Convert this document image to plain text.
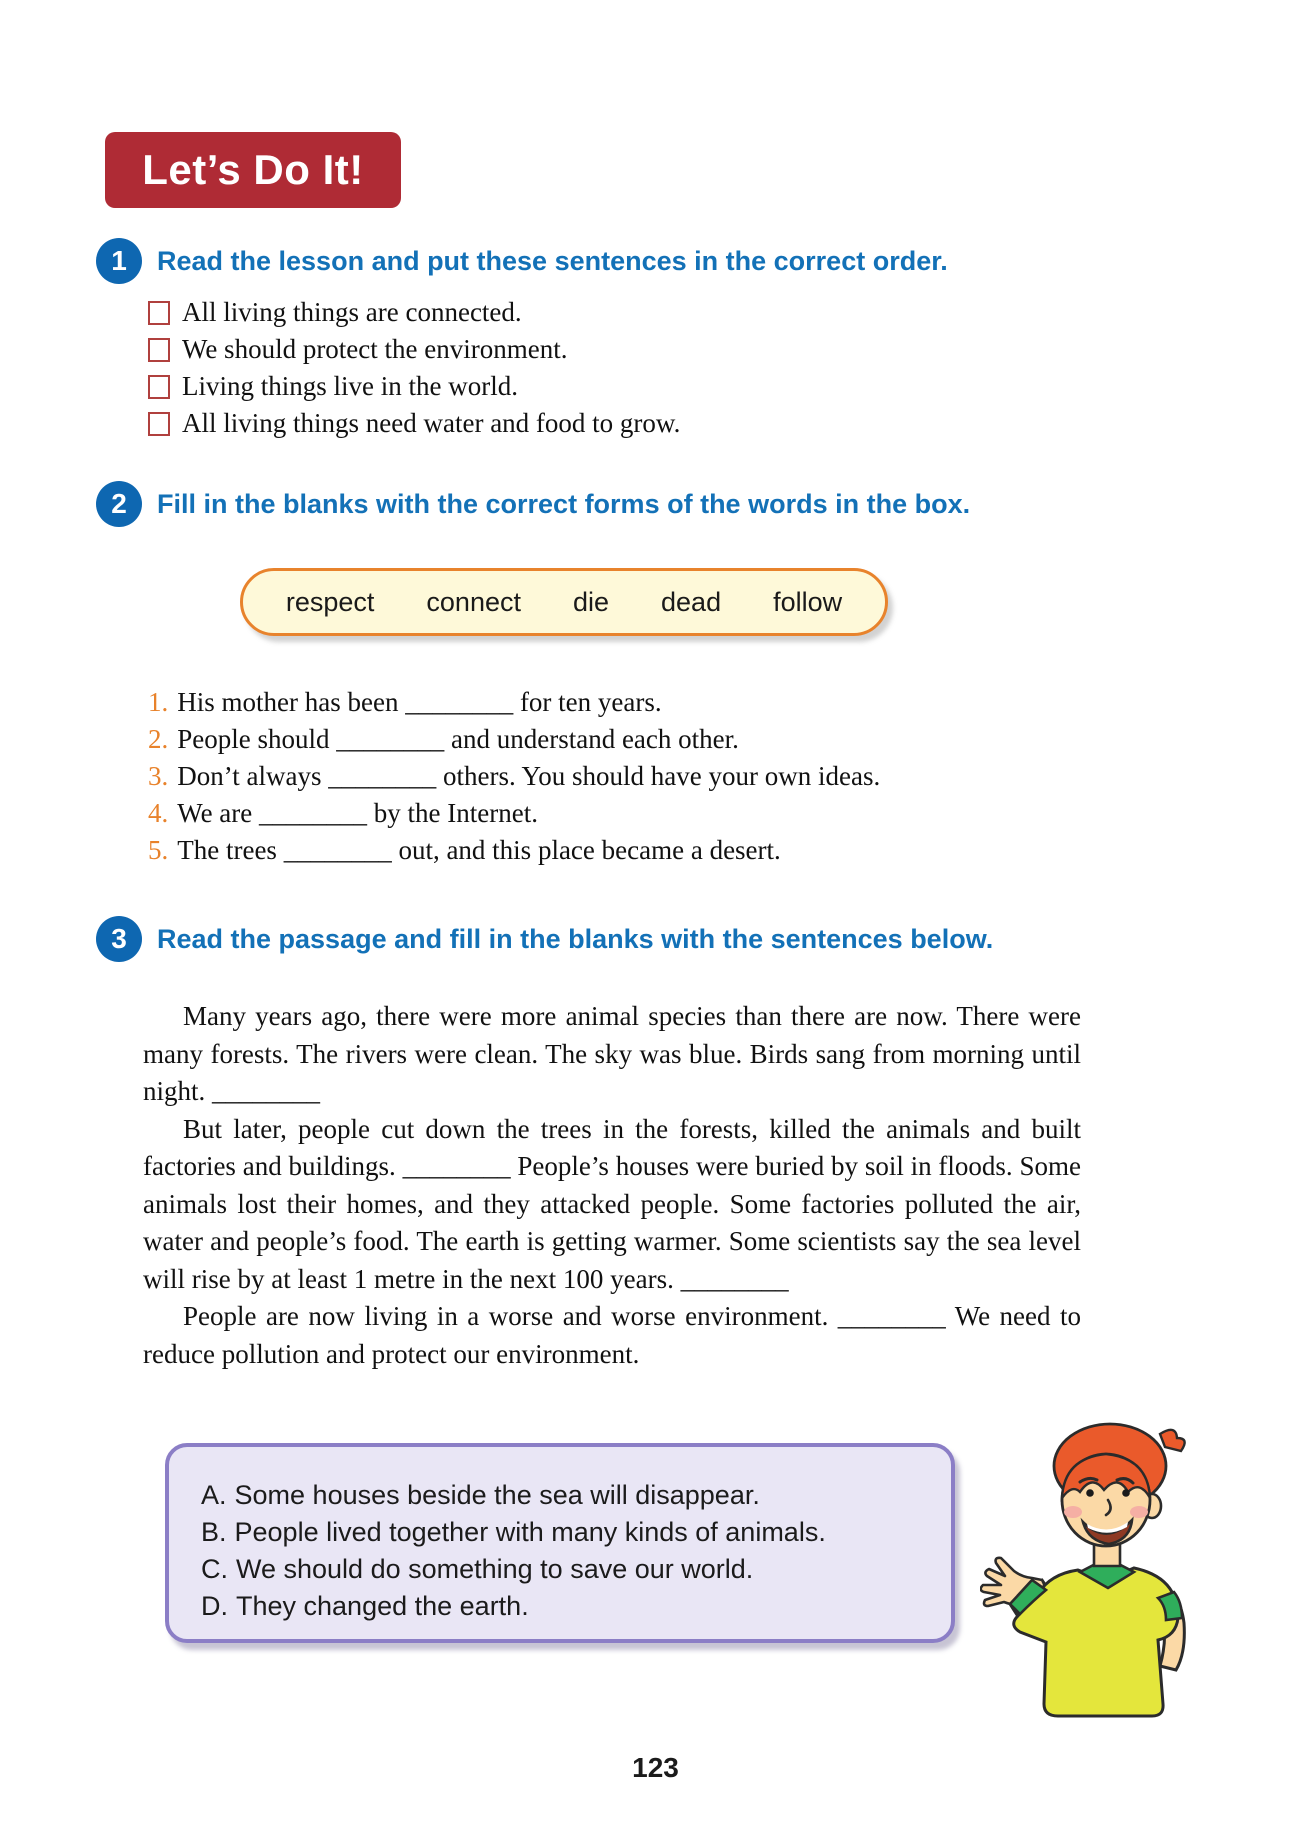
Let’s Do It!
1	Read the lesson and put these sentences in the correct order.
All living things are connected.
We should protect the environment.
Living things live in the world.
All living things need water and food to grow.
2	Fill in the blanks with the correct forms of the words in the box.
respect connect die dead follow
1. His mother has been ________ for ten years.
2. People should ________ and understand each other.
3. Don’t always ________ others. You should have your own ideas.
4. We are ________ by the Internet.
5. The trees ________ out, and this place became a desert.
3	Read the passage and fill in the blanks with the sentences below.

Many years ago, there were more animal species than there are now. There were many forests. The rivers were clean. The sky was blue. Birds sang from morning until night. ________

But later, people cut down the trees in the forests, killed the animals and built factories and buildings. ________ People’s houses were buried by soil in floods. Some animals lost their homes, and they attacked people. Some factories polluted the air, water and people’s food. The earth is getting warmer. Some scientists say the sea level will rise by at least 1 metre in the next 100 years. ________

People are now living in a worse and worse environment. ________ We need to reduce pollution and protect our environment.

A. Some houses beside the sea will disappear.
B. People lived together with many kinds of animals.
C. We should do something to save our world.
D. They changed the earth.
123
